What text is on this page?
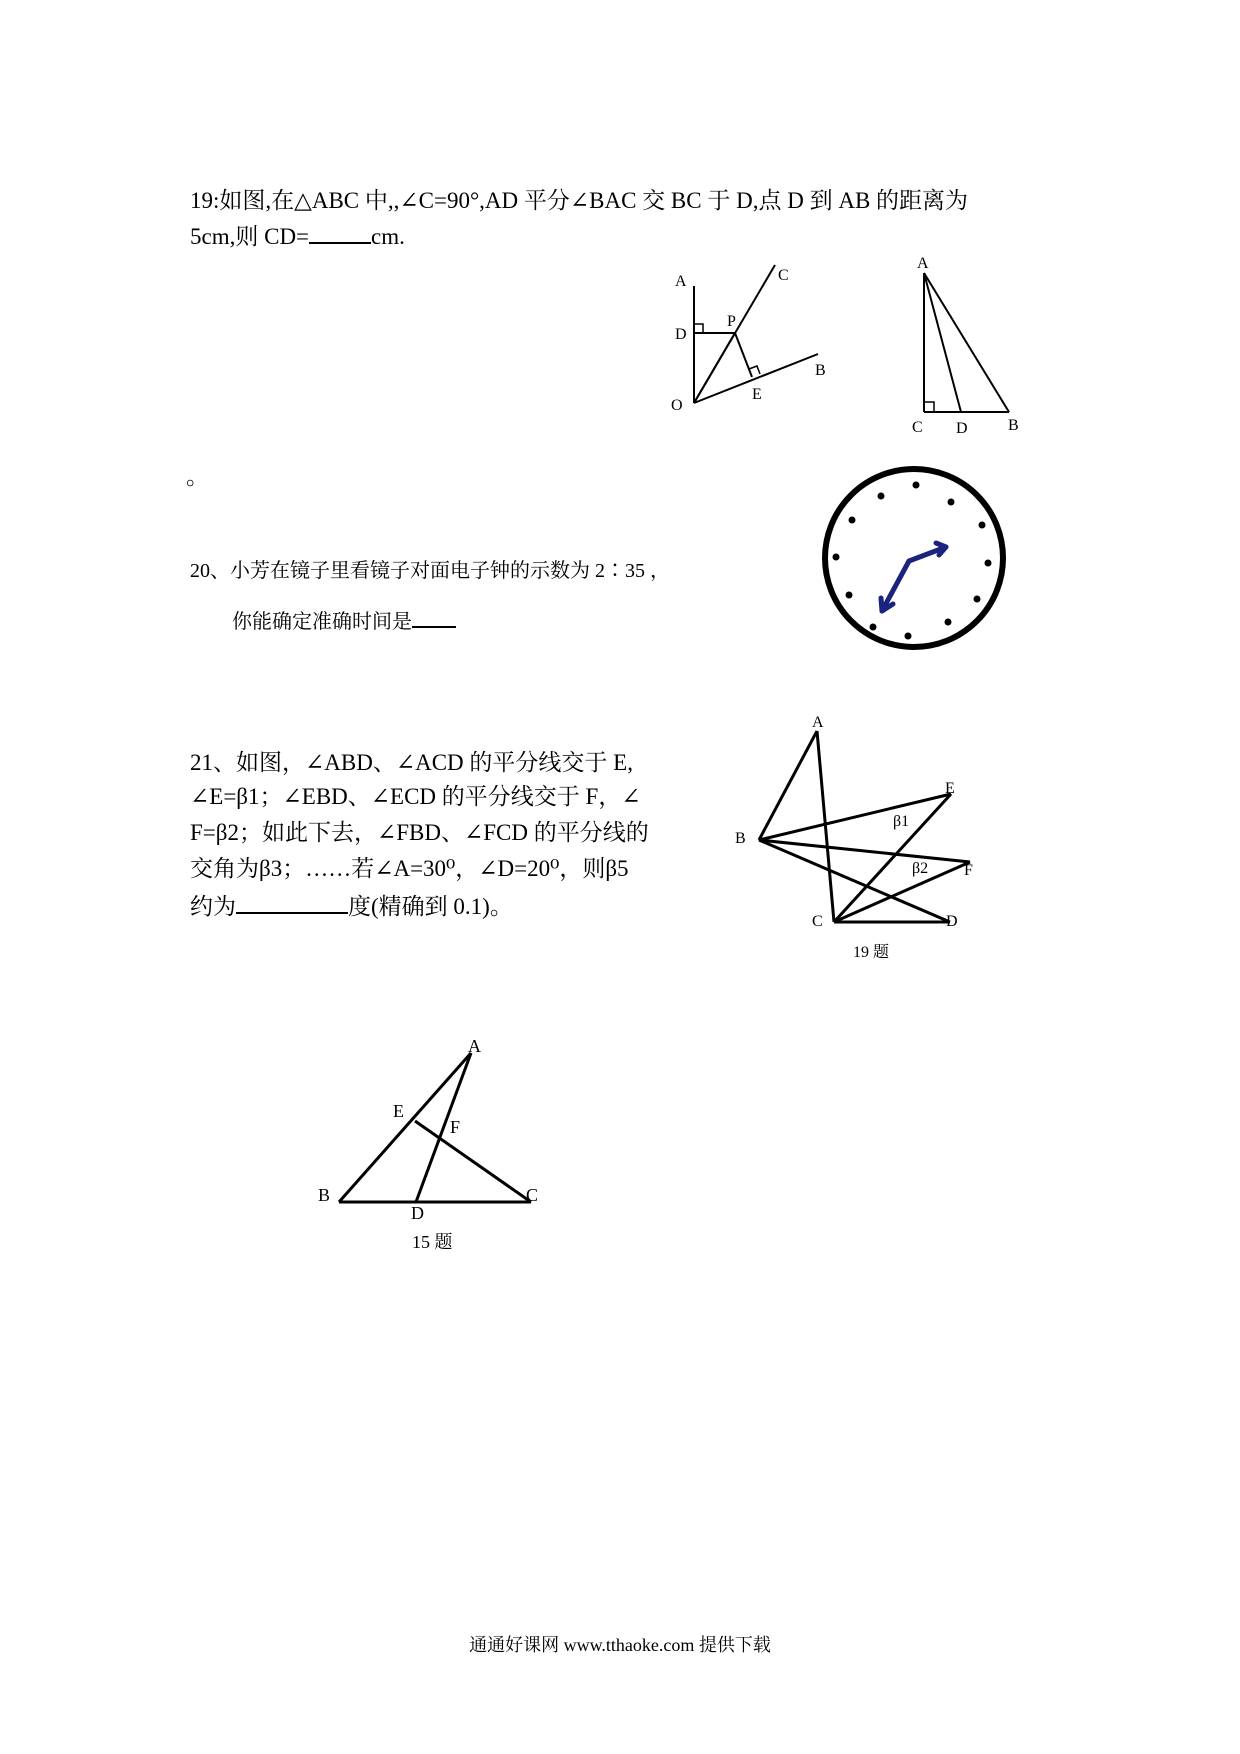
19:如图,在△ABC 中,,∠C=90°,AD 平分∠BAC 交 BC 于 D,点 D 到 AB 的距离为
5cm,则 CD=	cm.
。
20、小芳在镜子里看镜子对面电子钟的示数为 2∶35 ，
你能确定准确时间是
21、如图，∠ABD、∠ACD 的平分线交于 E,
∠E=β1；∠EBD、∠ECD 的平分线交于 F，∠
F=β2；如此下去，∠FBD、∠FCD 的平分线的
交角为β3；……若∠A=30⁰，∠D=20⁰，则β5
约为	度(精确到 0.1)。
A	C
D
P
O
E
B
A
C D	B
A
E
B
β1
β2 F
C	D
19 题
A
E
F
B	C
D
15 题
通通好课网 www.tthaoke.com 提供下载
